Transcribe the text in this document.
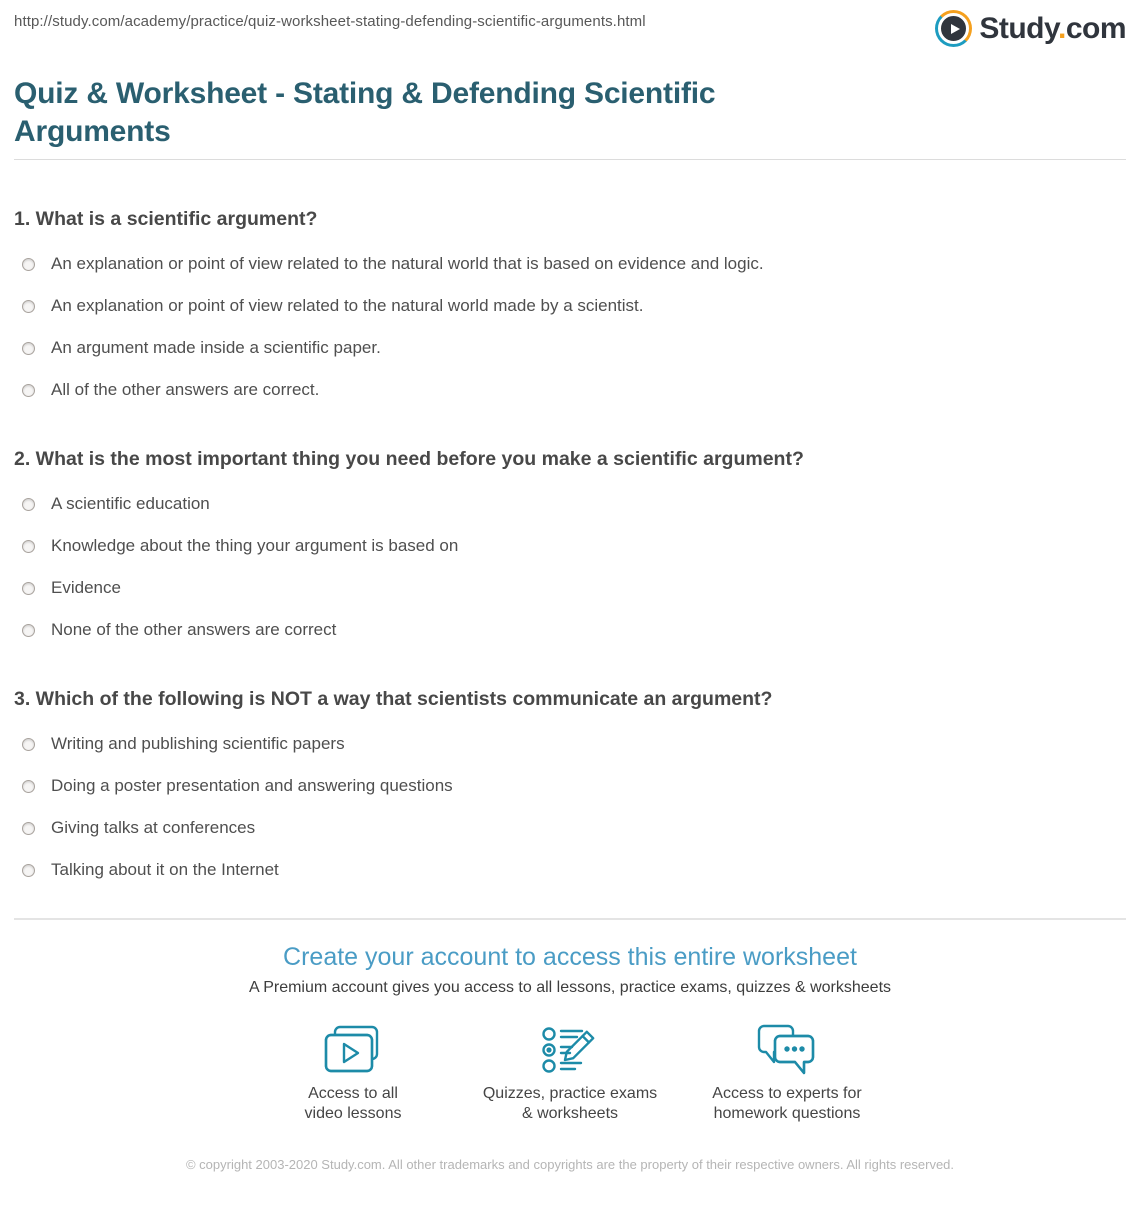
http://study.com/academy/practice/quiz-worksheet-stating-defending-scientific-arguments.html	Study.com
Quiz & Worksheet - Stating & Defending Scientific Arguments
1. What is a scientific argument?
An explanation or point of view related to the natural world that is based on evidence and logic.
An explanation or point of view related to the natural world made by a scientist.
An argument made inside a scientific paper.
All of the other answers are correct.
2. What is the most important thing you need before you make a scientific argument?
A scientific education
Knowledge about the thing your argument is based on
Evidence
None of the other answers are correct
3. Which of the following is NOT a way that scientists communicate an argument?
Writing and publishing scientific papers
Doing a poster presentation and answering questions
Giving talks at conferences
Talking about it on the Internet
Create your account to access this entire worksheet

A Premium account gives you access to all lessons, practice exams, quizzes & worksheets

Access to all
video lessons
Quizzes, practice exams
& worksheets
Access to experts for
homework questions

© copyright 2003-2020 Study.com. All other trademarks and copyrights are the property of their respective owners. All rights reserved.
